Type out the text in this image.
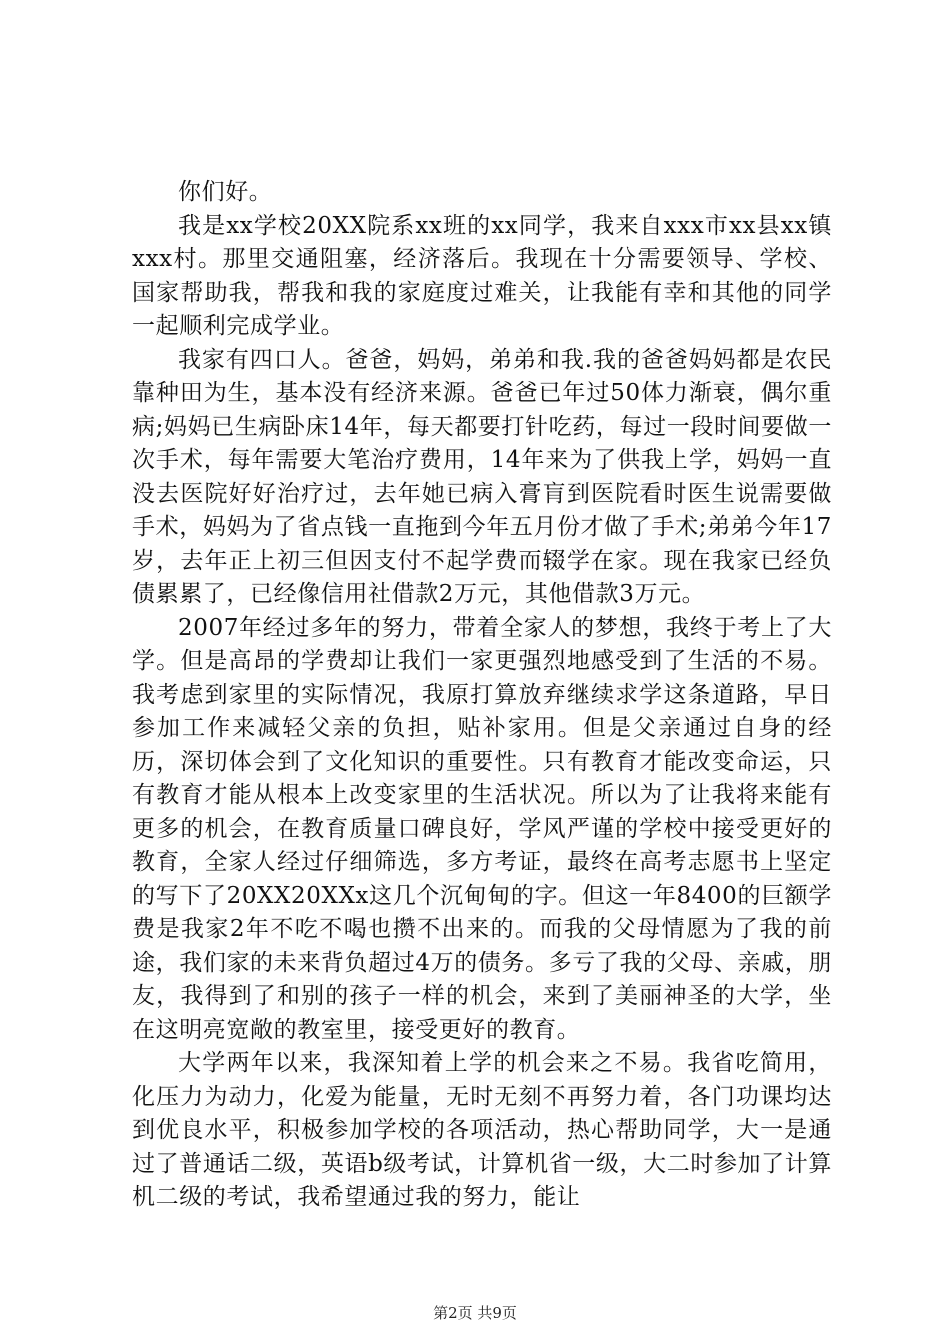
你们好。

我是xx学校20XX院系xx班的xx同学，我来自xxx市xx县xx镇xxx村。那里交通阻塞，经济落后。我现在十分需要领导、学校、国家帮助我，帮我和我的家庭度过难关，让我能有幸和其他的同学一起顺利完成学业。

我家有四口人。爸爸，妈妈，弟弟和我.我的爸爸妈妈都是农民靠种田为生，基本没有经济来源。爸爸已年过50体力渐衰，偶尔重病;妈妈已生病卧床14年，每天都要打针吃药，每过一段时间要做一次手术，每年需要大笔治疗费用，14年来为了供我上学，妈妈一直没去医院好好治疗过，去年她已病入膏肓到医院看时医生说需要做手术，妈妈为了省点钱一直拖到今年五月份才做了手术;弟弟今年17岁，去年正上初三但因支付不起学费而辍学在家。现在我家已经负债累累了，已经像信用社借款2万元，其他借款3万元。

2007年经过多年的努力，带着全家人的梦想，我终于考上了大学。但是高昂的学费却让我们一家更强烈地感受到了生活的不易。我考虑到家里的实际情况，我原打算放弃继续求学这条道路，早日参加工作来减轻父亲的负担，贴补家用。但是父亲通过自身的经历，深切体会到了文化知识的重要性。只有教育才能改变命运，只有教育才能从根本上改变家里的生活状况。所以为了让我将来能有更多的机会，在教育质量口碑良好，学风严谨的学校中接受更好的教育，全家人经过仔细筛选，多方考证，最终在高考志愿书上坚定的写下了20XX20XXx这几个沉甸甸的字。但这一年8400的巨额学费是我家2年不吃不喝也攒不出来的。而我的父母情愿为了我的前途，我们家的未来背负超过4万的债务。多亏了我的父母、亲戚，朋友，我得到了和别的孩子一样的机会，来到了美丽神圣的大学，坐在这明亮宽敞的教室里，接受更好的教育。

大学两年以来，我深知着上学的机会来之不易。我省吃简用，化压力为动力，化爱为能量，无时无刻不再努力着，各门功课均达到优良水平，积极参加学校的各项活动，热心帮助同学，大一是通过了普通话二级，英语b级考试，计算机省一级，大二时参加了计算机二级的考试，我希望通过我的努力，能让

第2页 共9页
